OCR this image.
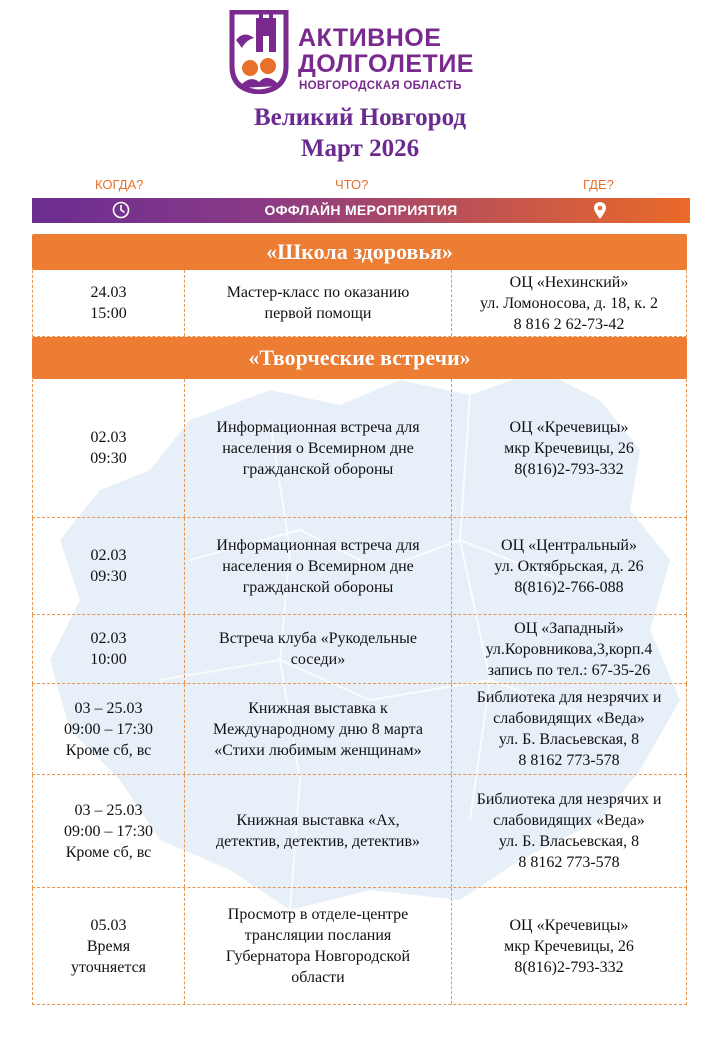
АКТИВНОЕ
ДОЛГОЛЕТИЕ
НОВГОРОДСКАЯ ОБЛАСТЬ
Великий Новгород
Март 2026
КОГДА?	ЧТО?	ГДЕ?
ОФФЛАЙН МЕРОПРИЯТИЯ
«Школа здоровья»
24.03
15:00
Мастер-класс по оказанию
первой помощи
ОЦ «Нехинский»
ул. Ломоносова, д. 18, к. 2
8 816 2 62-73-42
«Творческие встречи»
02.03
09:30
Информационная встреча для
населения о Всемирном дне
гражданской обороны
ОЦ «Кречевицы»
мкр Кречевицы, 26
8(816)2-793-332
02.03
09:30
Информационная встреча для
населения о Всемирном дне
гражданской обороны
ОЦ «Центральный»
ул. Октябрьская, д. 26
8(816)2-766-088
02.03
10:00
Встреча клуба «Рукодельные
соседи»
ОЦ «Западный»
ул.Коровникова,3,корп.4
запись по тел.: 67-35-26
03 – 25.03
09:00 – 17:30
Кроме сб, вс
Книжная выставка к
Международному дню 8 марта
«Стихи любимым женщинам»
Библиотека для незрячих и
слабовидящих «Веда»
ул. Б. Власьевская, 8
8 8162 773-578
03 – 25.03
09:00 – 17:30
Кроме сб, вс
Книжная выставка «Ах,
детектив, детектив, детектив»
Библиотека для незрячих и
слабовидящих «Веда»
ул. Б. Власьевская, 8
8 8162 773-578
05.03
Время
уточняется
Просмотр в отделе-центре
трансляции послания
Губернатора Новгородской
области
ОЦ «Кречевицы»
мкр Кречевицы, 26
8(816)2-793-332
